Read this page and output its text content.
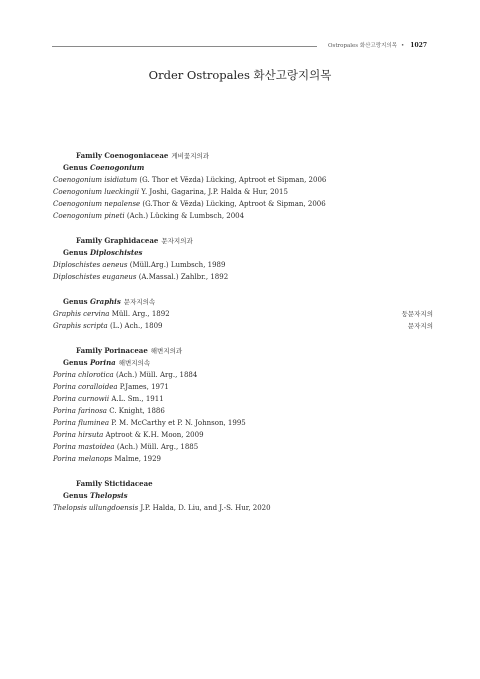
Ostropales 화산고랑지의목 • 1027
Order Ostropales 화산고랑지의목
Family Coenogoniaceae 게비꽃지의과
Genus Coenogonium
Coenogonium isidiatum (G. Thor et Vězda) Lücking, Aptroot et Sipman, 2006
Coenogonium lueckingii Y. Joshi, Gagarina, J.P. Halda & Hur, 2015
Coenogonium nepalense (G.Thor & Vězda) Lücking, Aptroot & Sipman, 2006
Coenogonium pineti (Ach.) Lücking & Lumbsch, 2004
Family Graphidaceae 문자지의과
Genus Diploschistes
Diploschistes aeneus (Müll.Arg.) Lumbsch, 1989
Diploschistes euganeus (A.Massal.) Zahlbr., 1892
Genus Graphis 문자지의속
Graphis cervina Müll. Arg., 1892	둥문자지의
Graphis scripta (L.) Ach., 1809	문자지의
Family Porinaceae 해변지의과
Genus Porina 해변지의속
Porina chlorotica (Ach.) Müll. Arg., 1884
Porina coralloidea P.James, 1971
Porina curnowii A.L. Sm., 1911
Porina farinosa C. Knight, 1886
Porina fluminea P. M. McCarthy et P. N. Johnson, 1995
Porina hirsuta Aptroot & K.H. Moon, 2009
Porina mastoidea (Ach.) Müll. Arg., 1885
Porina melanops Malme, 1929
Family Stictidaceae
Genus Thelopsis
Thelopsis ullungdoensis J.P. Halda, D. Liu, and J.-S. Hur, 2020
